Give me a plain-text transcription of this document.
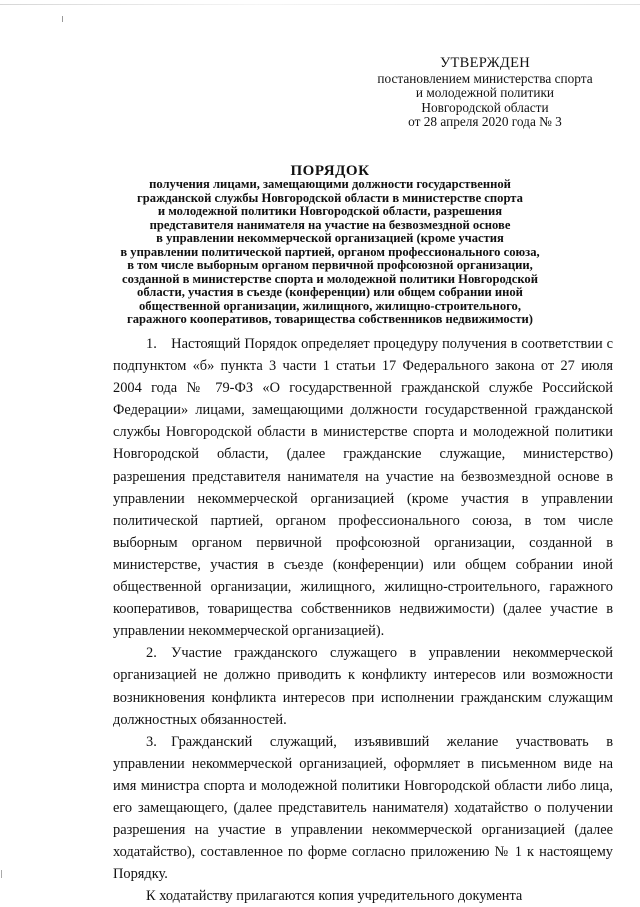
УТВЕРЖДЕН
постановлением министерства спорта
и молодежной политики
Новгородской области
от 28 апреля 2020 года № 3
ПОРЯДОК
получения лицами, замещающими должности государственной
гражданской службы Новгородской области в министерстве спорта
и молодежной политики Новгородской области, разрешения
представителя нанимателя на участие на безвозмездной основе
в управлении некоммерческой организацией (кроме участия
в управлении политической партией, органом профессионального союза,
в том числе выборным органом первичной профсоюзной организации,
созданной в министерстве спорта и молодежной политики Новгородской
области, участия в съезде (конференции) или общем собрании иной
общественной организации, жилищного, жилищно-строительного,
гаражного кооперативов, товарищества собственников недвижимости)

1. Настоящий Порядок определяет процедуру получения в соответствии с подпунктом «б» пункта 3 части 1 статьи 17 Федерального закона от 27 июля 2004 года № 79-ФЗ «О государственной гражданской службе Российской Федерации» лицами, замещающими должности государственной гражданской службы Новгородской области в министерстве спорта и молодежной политики Новгородской области, (далее гражданские служащие, министерство) разрешения представителя нанимателя на участие на безвозмездной основе в управлении некоммерческой организацией (кроме участия в управлении политической партией, органом профессионального союза, в том числе выборным органом первичной профсоюзной организации, созданной в министерстве, участия в съезде (конференции) или общем собрании иной общественной организации, жилищного, жилищно-строительного, гаражного кооперативов, товарищества собственников недвижимости) (далее участие в управлении некоммерческой организацией).

2. Участие гражданского служащего в управлении некоммерческой организацией не должно приводить к конфликту интересов или возможности возникновения конфликта интересов при исполнении гражданским служащим должностных обязанностей.

3. Гражданский служащий, изъявивший желание участвовать в управлении некоммерческой организацией, оформляет в письменном виде на имя министра спорта и молодежной политики Новгородской области либо лица, его замещающего, (далее представитель нанимателя) ходатайство о получении разрешения на участие в управлении некоммерческой организацией (далее ходатайство), составленное по форме согласно приложению № 1 к настоящему Порядку.

К ходатайству прилагаются копия учредительного документа
